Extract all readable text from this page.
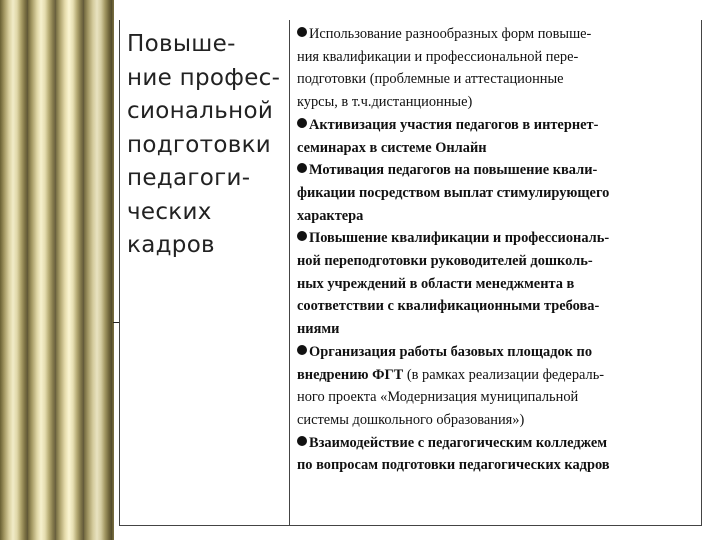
Повыше-
ние профес-
сиональной
подготовки
педагоги-
ческих
кадров
Использование разнообразных форм повыше-
ния квалификации и профессиональной пере-
подготовки (проблемные и аттестационные
курсы, в т.ч.дистанционные)
Активизация участия педагогов в интернет-
семинарах в системе Онлайн
Мотивация педагогов на повышение квали-
фикации посредством выплат стимулирующего
характера
Повышение квалификации и профессиональ-
ной переподготовки руководителей дошколь-
ных учреждений в области менеджмента в
соответствии с квалификационными требова-
ниями
Организация работы базовых площадок по
внедрению ФГТ (в рамках реализации федераль-
ного проекта «Модернизация муниципальной
системы дошкольного образования»)
Взаимодействие с педагогическим колледжем
по вопросам подготовки педагогических кадров
